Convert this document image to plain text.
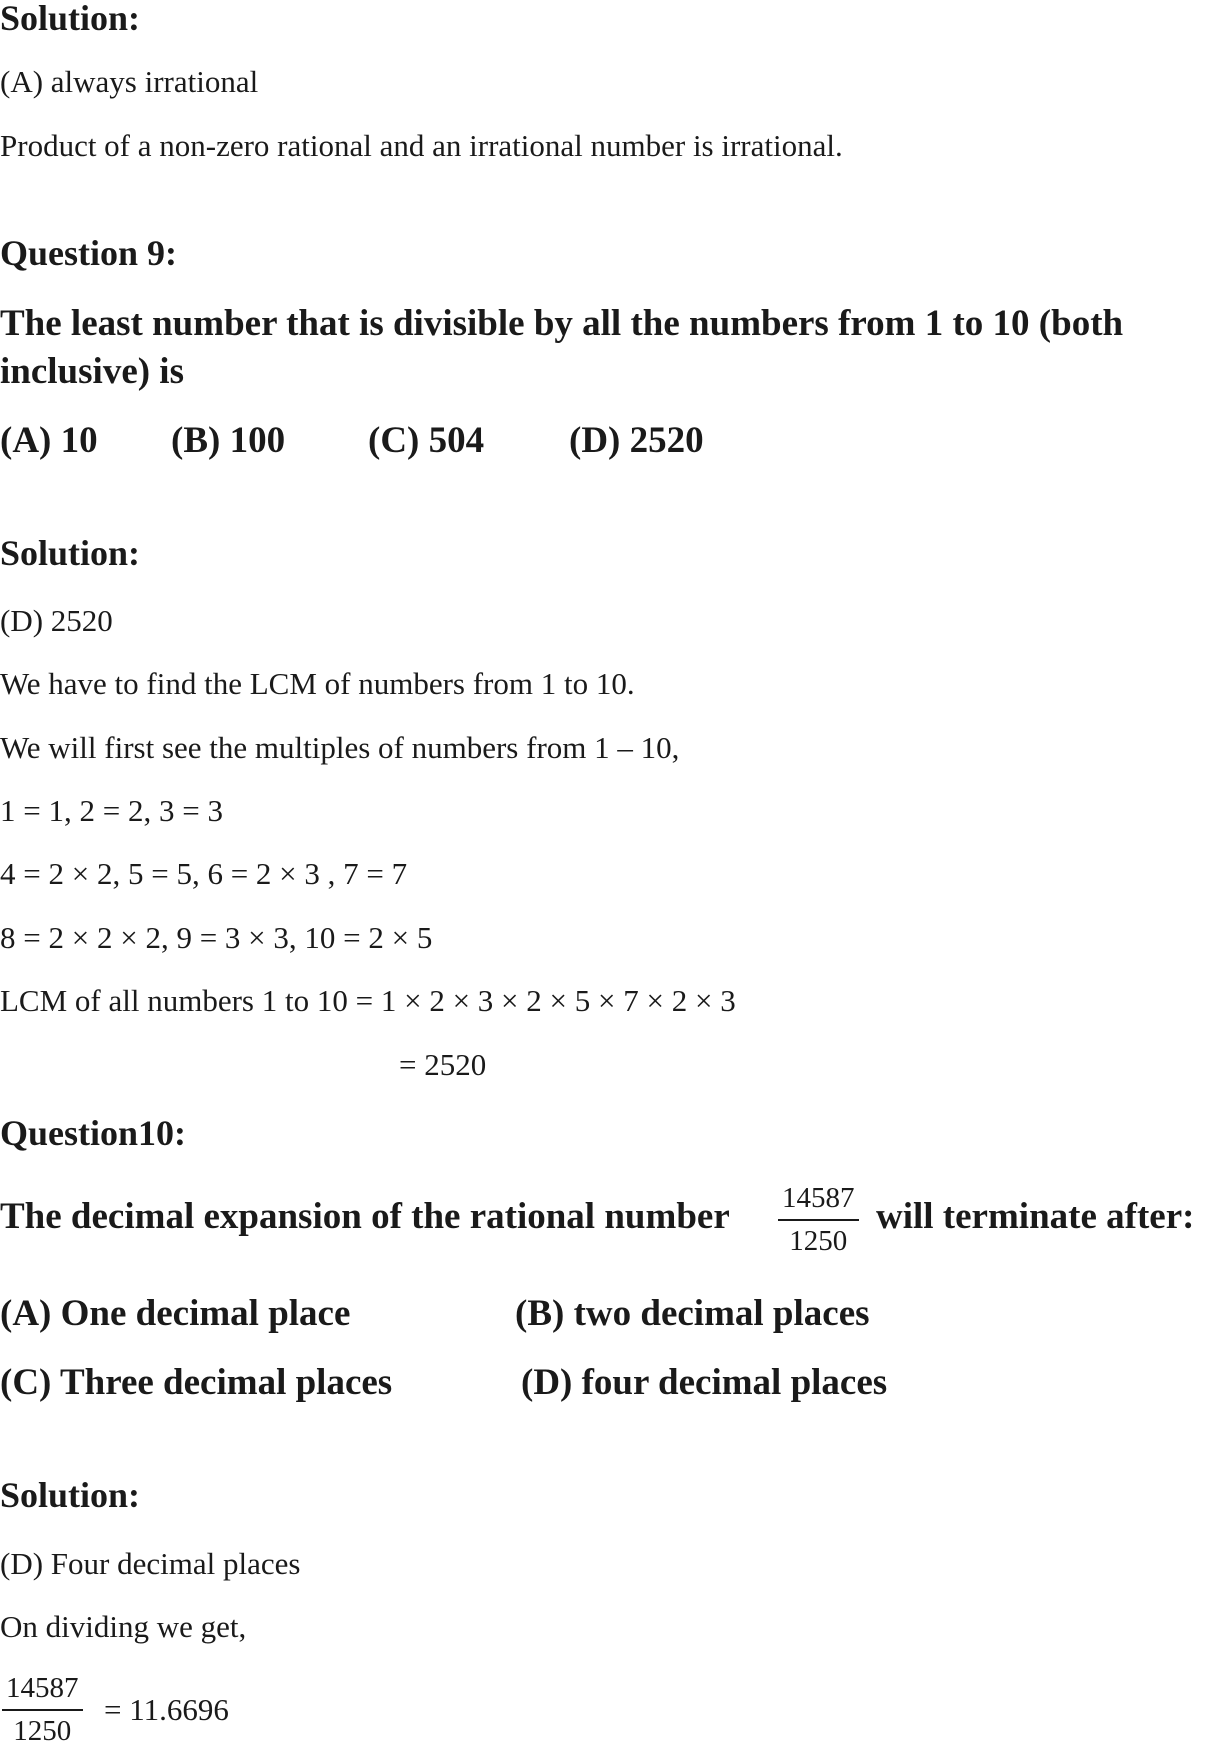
Solution:
(A) always irrational
Product of a non-zero rational and an irrational number is irrational.
Question 9:
The least number that is divisible by all the numbers from 1 to 10 (both
inclusive) is
(A) 10 (B) 100 (C) 504 (D) 2520
Solution:
(D) 2520
We have to find the LCM of numbers from 1 to 10.
We will first see the multiples of numbers from 1 – 10,
1 = 1, 2 = 2, 3 = 3
4 = 2 × 2, 5 = 5, 6 = 2 × 3 , 7 = 7
8 = 2 × 2 × 2, 9 = 3 × 3, 10 = 2 × 5
LCM of all numbers 1 to 10 = 1 × 2 × 3 × 2 × 5 × 7 × 2 × 3
= 2520
Question10:
The decimal expansion of the rational number $\frac{14587}{1250}$ will terminate after:
(A) One decimal place	(B) two decimal places
(C) Three decimal places	(D) four decimal places
Solution:
(D) Four decimal places
On dividing we get,
$\frac{14587}{1250} = 11.6696$
